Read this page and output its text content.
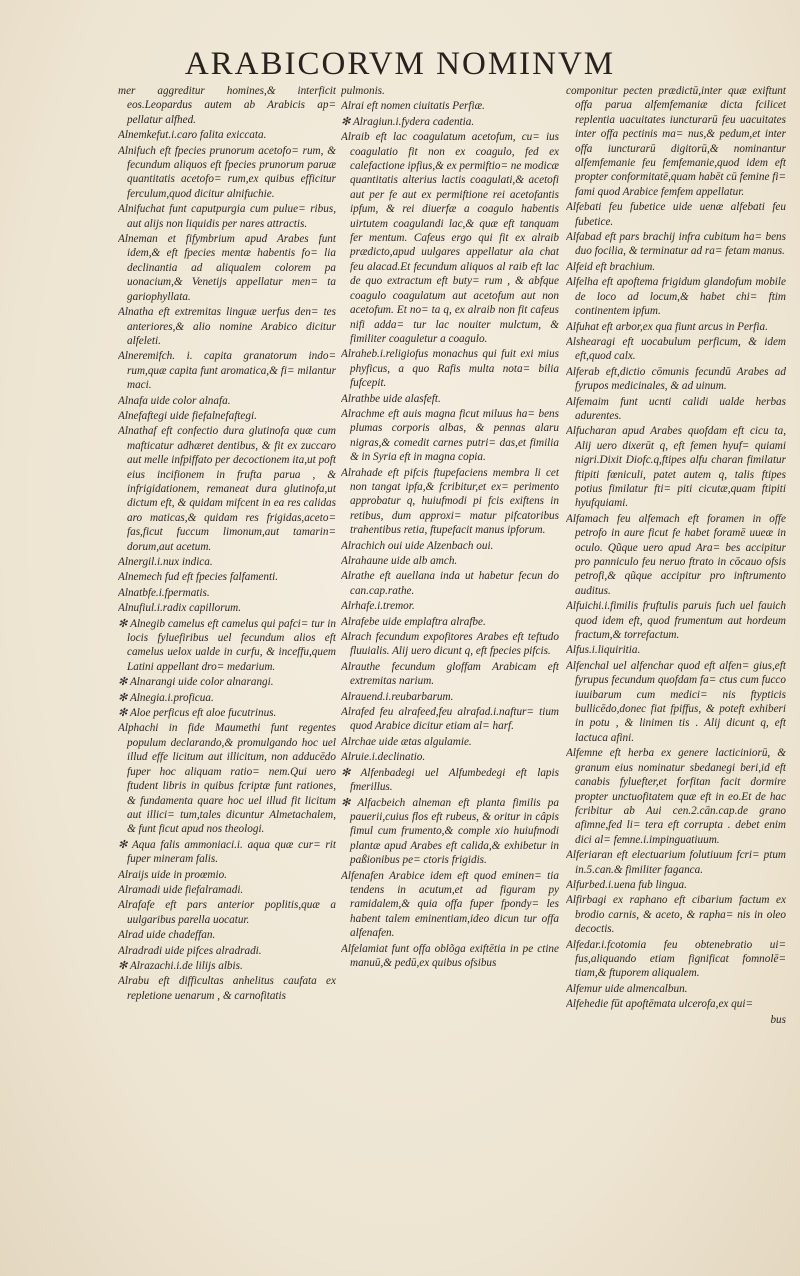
ARABICORVM NOMINVM
mer aggreditur homines,& interficit eos.Leopardus autem ab Arabicis ap= pellatur alfhed.
Alnemkefut.i.caro falita exiccata.
Alnifuch eft fpecies prunorum acetofo= rum, & fecundum aliquos eft fpecies prunorum paruæ quantitatis acetofo= rum,ex quibus efficitur ferculum,quod dicitur alnifuchie.
Alnifuchat funt caputpurgia cum puluе= ribus, aut alijs non liquidis per nares attractis.
Alneman et fifymbrium apud Arabes funt idem,& eft fpecies mentæ habentis fo= lia declinantia ad aliqualem colorem pa uonacium,& Venetijs appellatur men= ta gariophyllata.
Alnatha eft extremitas linguæ uerfus den= tes anteriores,& alio nomine Arabico dicitur alfeleti.
Alneremifch. i. capita granatorum indo= rum,quæ capita funt aromatica,& fi= milantur maci.
Alnafa uide color alnafa.
Alnefaftegi uide fiefalnefaftegi.
Alnathaf eft confectio dura glutinofa quæ cum mafticatur adhæret dentibus, & fit ex zuccaro aut melle infpiffato per decoctionem ita,ut poft eius incifionem in frufta parua , & infrigidationem, remaneat dura glutinofa,ut dictum eft, & quidam mifcent in ea res calidas aro maticas,& quidam res frigidas,aceto= fas,ficut fuccum limonum,aut tamarin= dorum,aut acetum.
Alnergil.i.nux indica.
Alnemech fud eft fpecies falfamenti.
Alnatbfe.i.fpermatis.
Alnufiul.i.radix capillorum.
✻ Alnegib camelus eft camelus qui pafci= tur in locis fyluefiribus uel fecundum alios eft camelus uelox ualde in curfu, & inceffu,quem Latini appellant dro= medarium.
✻ Alnarangi uide color alnarangi.
✻ Alnegia.i.proficua.
✻ Aloe perficus eft aloe fucutrinus.
Alphachi in fide Maumethi funt regentes populum declarando,& promulgando hoc uel illud effe licitum aut illicitum, non adducēdo fuper hoc aliquam ratio= nem.Qui uero ftudent libris in quibus fcriptæ funt rationes, & fundamenta quare hoc uel illud fit licitum aut illici= tum,tales dicuntur Almetachalem, & funt ficut apud nos theologi.
✻ Aqua falis ammoniaci.i. aqua quæ cur= rit fuper mineram falis.
Alraijs uide in proœmio.
Alramadi uide fiefalramadi.
Alrafafe eft pars anterior poplitis,quæ a uulgaribus parella uocatur.
Alrad uide chadeffan.
Alradradi uide pifces alradradi.
✻ Alrazachi.i.de lilijs albis.
Alrabu eft difficultas anhelitus caufata ex repletione uenarum , & carnofitatis
pulmonis.
Alrai eft nomen ciuitatis Perfiæ.
✻ Alragiun.i.fydera cadentia.
Alraib eft lac coagulatum acetofum, cu= ius coagulatio fit non ex coagulo, fed ex calefactione ipfius,& ex permiftio= ne modicæ quantitatis alterius lactis coagulati,& acetofi aut per fe aut ex permiftione rei acetofantis ipfum, & rei diuerfæ a coagulo habentis uirtutem coagulandi lac,& quæ eft tanquam fer mentum. Cafeus ergo qui fit ex alraib prædicto,apud uulgares appellatur ala chat feu alacad.Et fecundum aliquos al raib eft lac de quo extractum eft buty= rum , & abfque coagulo coagulatum aut acetofum aut non acetofum. Et no= ta q, ex alraib non fit cafeus nifi adda= tur lac nouiter mulctum, & fimiliter coaguletur a coagulo.
Alraheb.i.religiofus monachus qui fuit exi mius phyficus, a quo Rafis multa nota= bilia fufcepit.
Alrathbe uide alasfeft.
Alrachme eft auis magna ficut miluus ha= bens plumas corporis albas, & pennas alaru nigras,& comedit carnes putri= das,et fimilia & in Syria eft in magna copia.
Alrahade eft pifcis ftupefaciens membra li cet non tangat ipfa,& fcribitur,et ex= perimento approbatur q, huiufmodi pi fcis exiftens in retibus, dum approxi= matur pifcatoribus trahentibus retia, ftupefacit manus ipforum.
Alrachich oui uide Alzenbach oui.
Alrahaune uide alb amch.
Alrathe eft auellana inda ut habetur fecun do can.cap.rathe.
Alrhafe.i.tremor.
Alrafebe uide emplaftra alrafbe.
Alrach fecundum expofitores Arabes eft teftudo fluuialis. Alij uero dicunt q, eft fpecies pifcis.
Alrauthe fecundum gloffam Arabicam eft extremitas narium.
Alrauend.i.reubarbarum.
Alrafed feu alrafeed,feu alrafad.i.naftur= tium quod Arabice dicitur etiam al= harf.
Alrchae uide ætas algulamie.
Alruie.i.declinatio.
✻ Alfenbadegi uel Alfumbedegi eft lapis fmerillus.
✻ Alfacbeich alneman eft planta fimilis pa pauerii,cuius flos eft rubeus, & oritur in câpis fimul cum frumento,& comple xio huiufmodi plantæ apud Arabes eft calida,& exhibetur in paßionibus pe= ctoris frigidis.
Alfenafen Arabice idem eft quod eminen= tia tendens in acutum,et ad figuram py ramidalem,& quia offa fuper fpondy= les habent talem eminentiam,ideo dicun tur offa alfenafen.
Alfelamiat funt offa oblõga exiftētia in pe ctine manuū,& pedū,ex quibus ofsibus
componitur pecten prædictū,inter quæ exiftunt offa parua alfemfemaniæ dicta fcilicet replentia uacuitates iuncturarū feu uacuitates inter offa pectinis ma= nus,& pedum,et inter offa iuncturarū digitorū,& nominantur alfemfemanie feu femfemanie,quod idem eft propter conformitatē,quam habēt cū femine fi= fami quod Arabice femfem appellatur.
Alfebati feu fubetice uide uenæ alfebati feu fubetice.
Alfabad eft pars brachij infra cubitum ha= bens duo focilia, & terminatur ad ra= fetam manus.
Alfeid eft brachium.
Alfelha eft apoftema frigidum glandofum mobile de loco ad locum,& habet chi= ftim continentem ipfum.
Alfuhat eft arbor,ex qua fiunt arcus in Perfia.
Alshearagi eft uocabulum perficum, & idem eft,quod calx.
Alferab eft,dictio cōmunis fecundū Arabes ad fyrupos medicinales, & ad uinum.
Alfemaim funt ucnti calidi ualde herbas adurentes.
Alfucharan apud Arabes quofdam eft cicu ta, Alij uero dixerūt q, eft femen hyuf= quiami nigri.Dixit Diofc.q,ftipes alfu charan fimilatur ftipiti fœniculi, patet autem q, talis ftipes potius fimilatur fti= piti cicutæ,quam ftipiti hyufquiami.
Alfamach feu alfemach eft foramen in offe petrofo in aure ficut fe habet foramē uueæ in oculo. Qũque uero apud Ara= bes accipitur pro panniculo feu neruo ftrato in cōcauo ofsis petrofi,& qũque accipitur pro inftrumento auditus.
Alfuichi.i.fimilis fruftulis paruis fuch uel fauich quod idem eft, quod frumentum aut hordeum fractum,& torrefactum.
Alfus.i.liquiritia.
Alfenchal uel alfenchar quod eft alfen= gius,eft fyrupus fecundum quofdam fa= ctus cum fucco iuuibarum cum medici= nis ftypticis bullicēdo,donec fiat fpiffus, & poteft exhiberi in potu , & linimen tis . Alij dicunt q, eft lactuca afini.
Alfemne eft herba ex genere lacticiniorū, & granum eius nominatur sbedanegi beri,id eft canabis fyluefter,et forfitan facit dormire propter unctuofitatem quæ eft in eo.Et de hac fcribitur ab Aui cen.2.cān.cap.de grano afimne,fed li= tera eft corrupta . debet enim dici al= femne.i.impinguatiuum.
Alferiaran eft electuarium folutiuum fcri= ptum in.5.can.& fimiliter fagaпca.
Alfurbed.i.uena fub lingua.
Alfirbagi ex raphano eft cibarium factum ex brodio carnis, & aceto, & rapha= nis in oleo decoctis.
Alfedar.i.fcotomia feu obtenebratio ui= fus,aliquando etiam fignificat fomnolē= tiam,& ftuporem aliqualem.
Alfemur uide almencalbun.
Alfehedie fūt apoftēmata ulcerofa,ex qui=
bus
